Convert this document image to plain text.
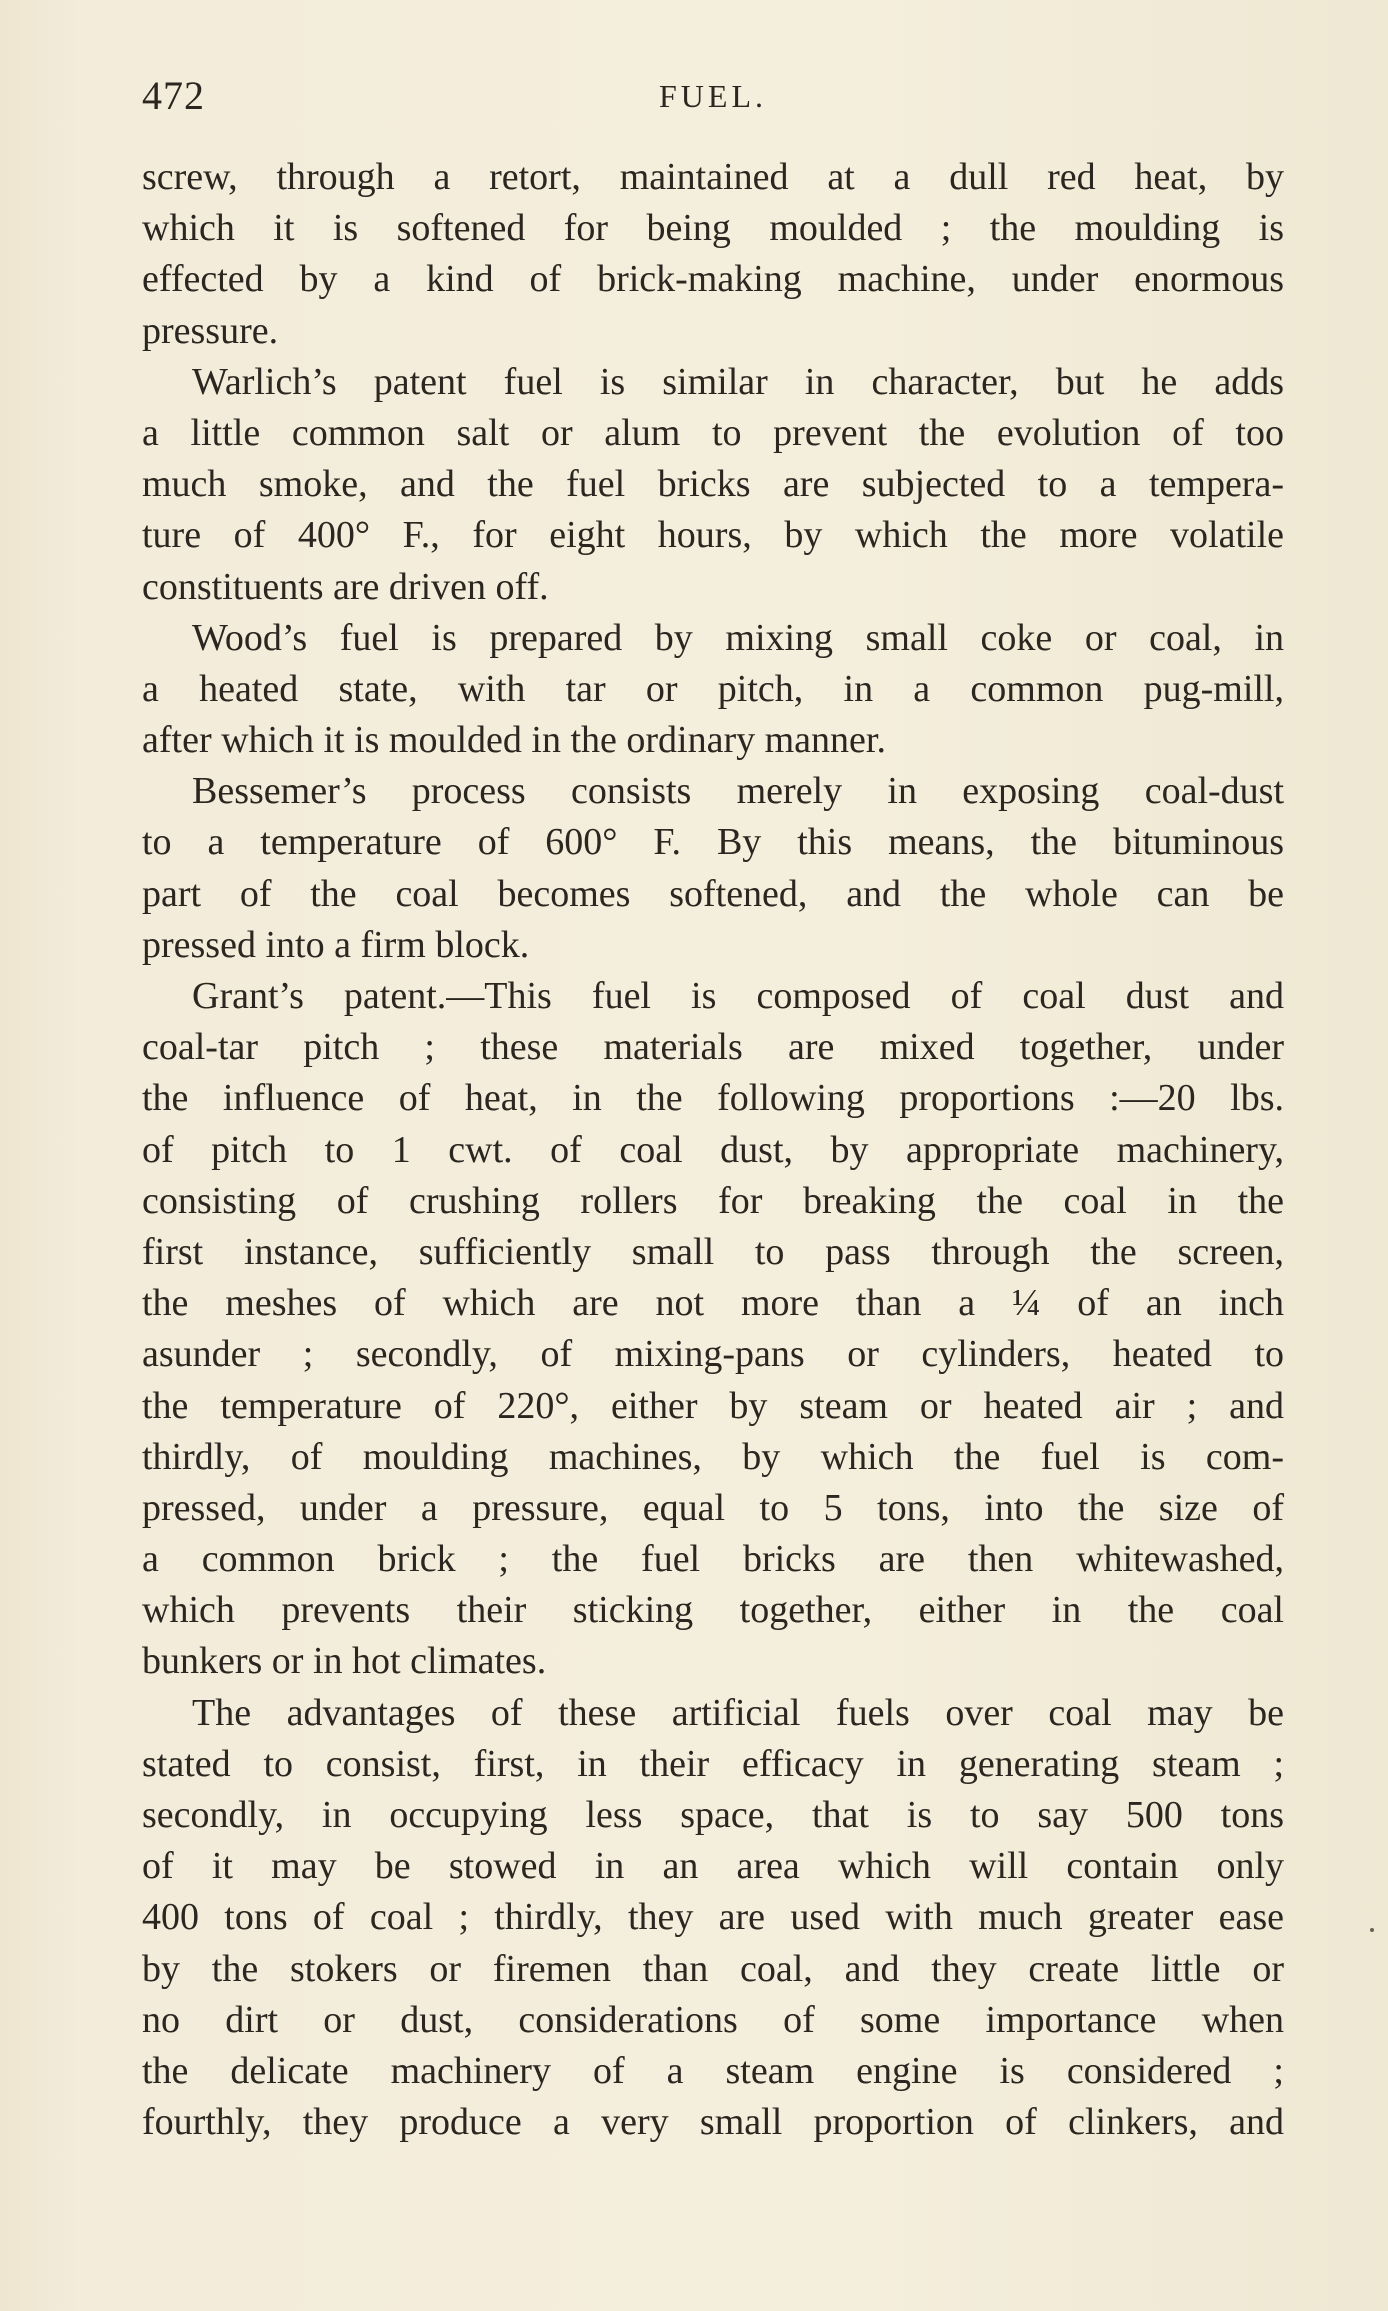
472	FUEL.
screw, through a retort, maintained at a dull red heat, by
which it is softened for being moulded ; the moulding is
effected by a kind of brick-making machine, under enormous
pressure.
Warlich’s patent fuel is similar in character, but he adds
a little common salt or alum to prevent the evolution of too
much smoke, and the fuel bricks are subjected to a tempera-
ture of 400° F., for eight hours, by which the more volatile
constituents are driven off.
Wood’s fuel is prepared by mixing small coke or coal, in
a heated state, with tar or pitch, in a common pug-mill,
after which it is moulded in the ordinary manner.
Bessemer’s process consists merely in exposing coal-dust
to a temperature of 600° F. By this means, the bituminous
part of the coal becomes softened, and the whole can be
pressed into a firm block.
Grant’s patent.—This fuel is composed of coal dust and
coal-tar pitch ; these materials are mixed together, under
the influence of heat, in the following proportions :—20 lbs.
of pitch to 1 cwt. of coal dust, by appropriate machinery,
consisting of crushing rollers for breaking the coal in the
first instance, sufficiently small to pass through the screen,
the meshes of which are not more than a ¼ of an inch
asunder ; secondly, of mixing-pans or cylinders, heated to
the temperature of 220°, either by steam or heated air ; and
thirdly, of moulding machines, by which the fuel is com-
pressed, under a pressure, equal to 5 tons, into the size of
a common brick ; the fuel bricks are then whitewashed,
which prevents their sticking together, either in the coal
bunkers or in hot climates.
The advantages of these artificial fuels over coal may be
stated to consist, first, in their efficacy in generating steam ;
secondly, in occupying less space, that is to say 500 tons
of it may be stowed in an area which will contain only
400 tons of coal ; thirdly, they are used with much greater ease
by the stokers or firemen than coal, and they create little or
no dirt or dust, considerations of some importance when
the delicate machinery of a steam engine is considered ;
fourthly, they produce a very small proportion of clinkers, and
